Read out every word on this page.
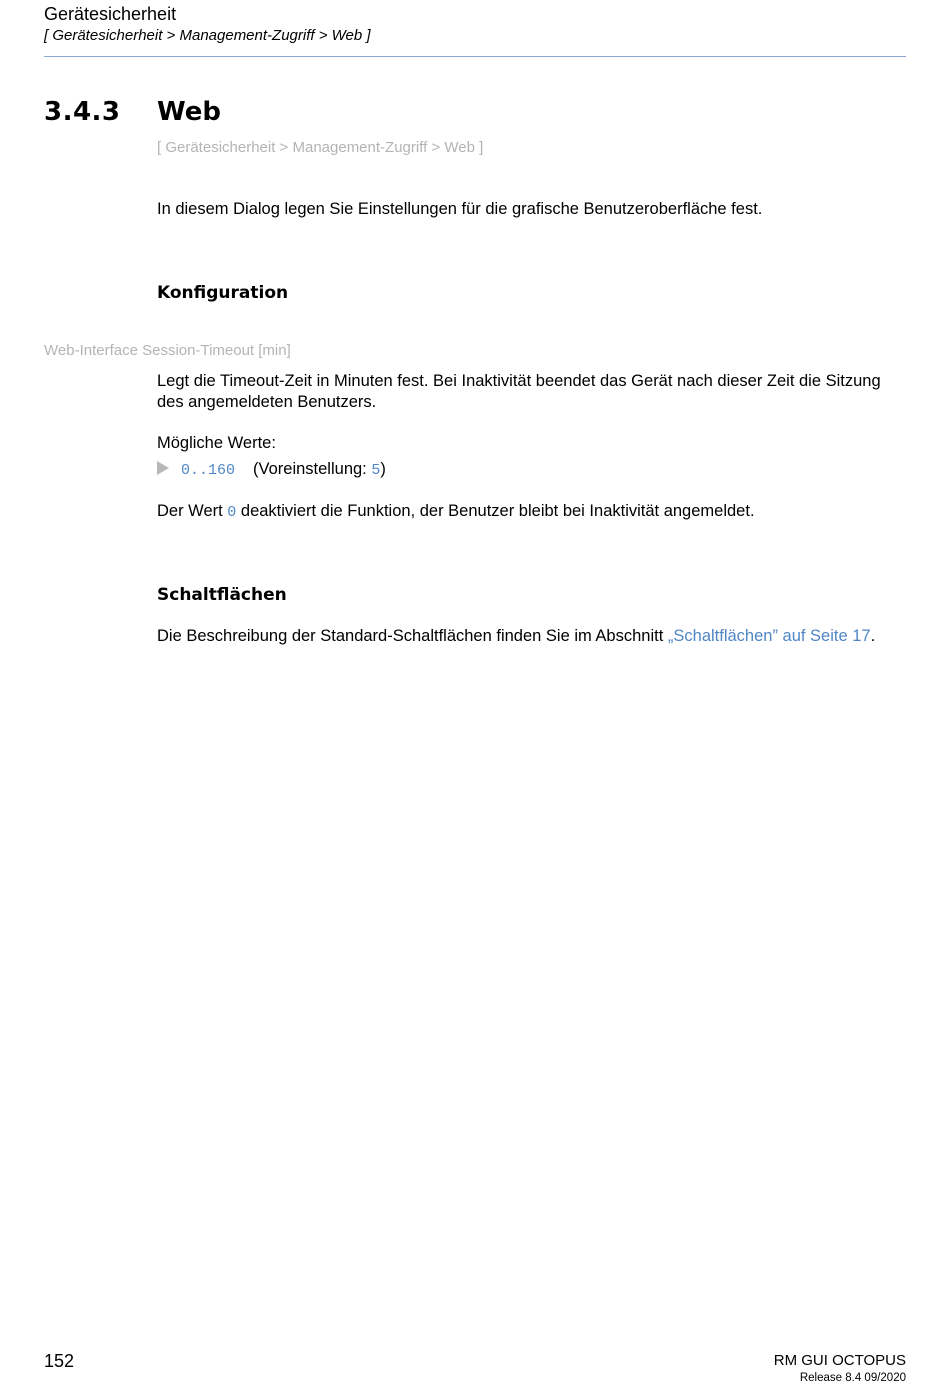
Gerätesicherheit
[ Gerätesicherheit > Management-Zugriff > Web ]
3.4.3 Web
[ Gerätesicherheit > Management-Zugriff > Web ]
In diesem Dialog legen Sie Einstellungen für die grafische Benutzeroberfläche fest.
Konfiguration
Web-Interface Session-Timeout [min]
Legt die Timeout-Zeit in Minuten fest. Bei Inaktivität beendet das Gerät nach dieser Zeit die Sitzung des angemeldeten Benutzers.
Mögliche Werte:
0..160 (Voreinstellung: 5)
Der Wert 0 deaktiviert die Funktion, der Benutzer bleibt bei Inaktivität angemeldet.
Schaltflächen
Die Beschreibung der Standard-Schaltflächen finden Sie im Abschnitt „Schaltflächen” auf Seite 17.
152	RM GUI OCTOPUS
Release 8.4 09/2020
